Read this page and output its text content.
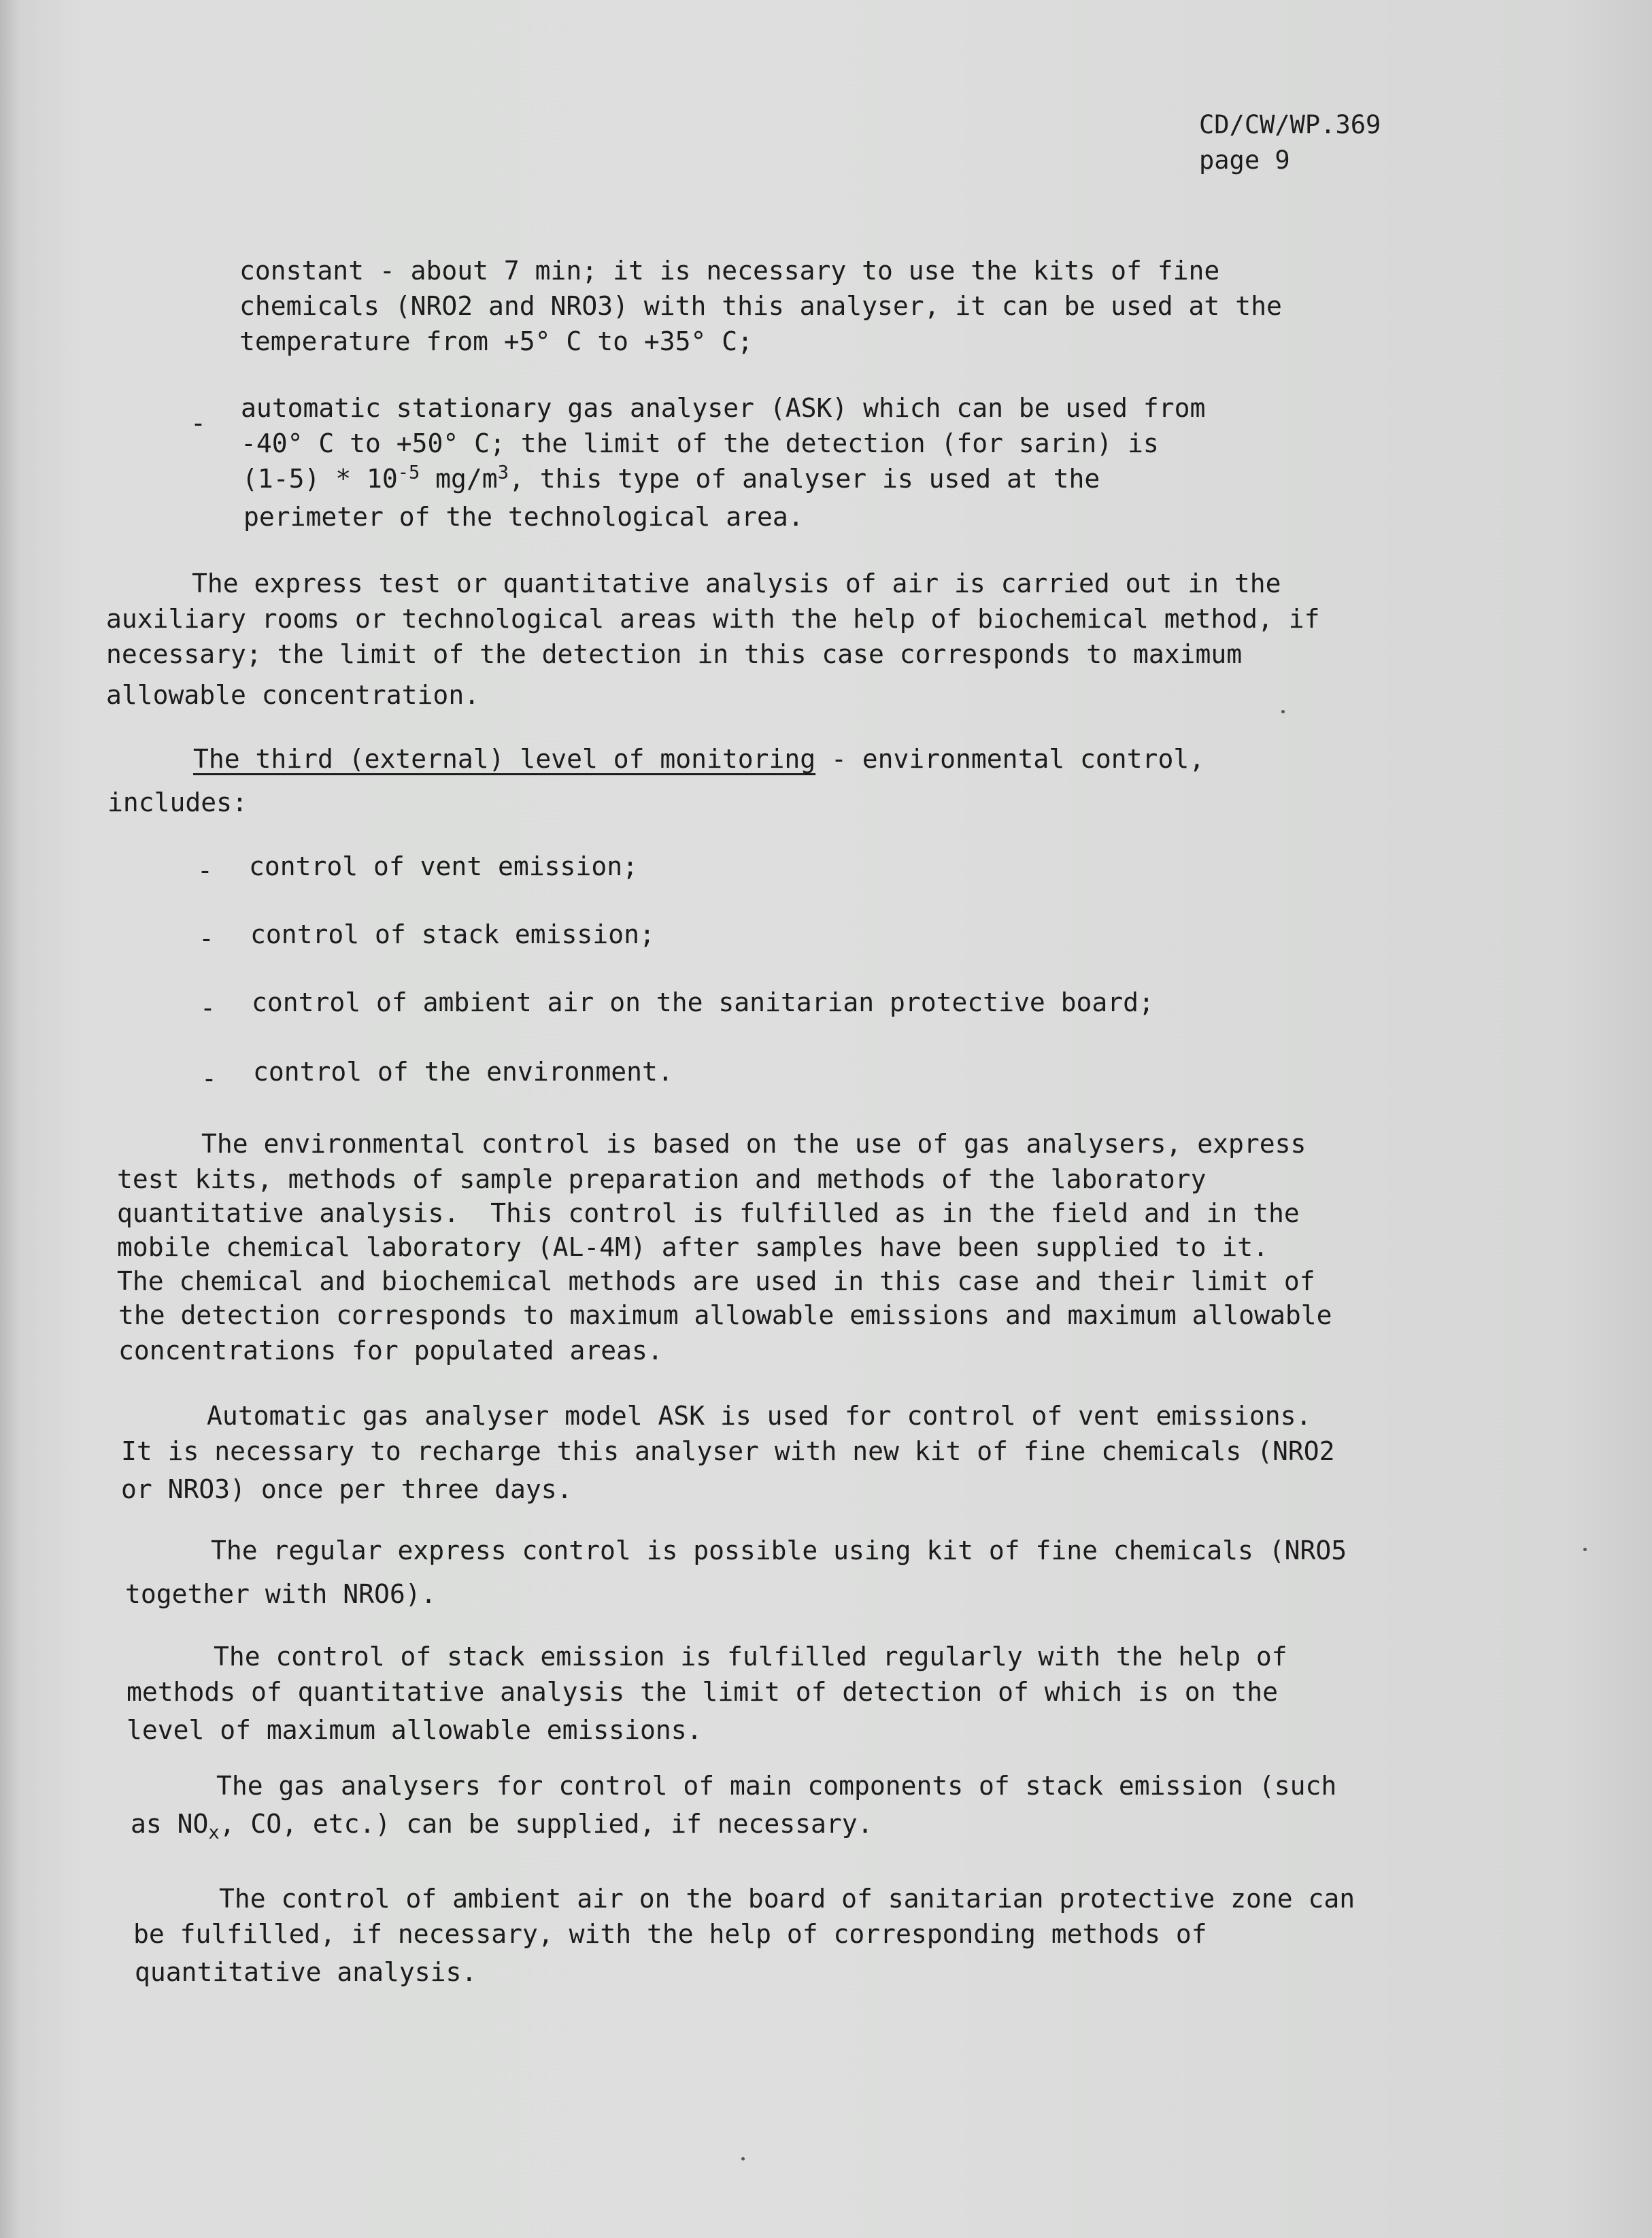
CD/CW/WP.369
page 9
constant - about 7 min; it is necessary to use the kits of fine
chemicals (NRO2 and NRO3) with this analyser, it can be used at the
temperature from +5° C to +35° C;
- automatic stationary gas analyser (ASK) which can be used from
-40° C to +50° C; the limit of the detection (for sarin) is
$(1-5) * 10^{-5}$ $mg/m^3$, this type of analyser is used at the
perimeter of the technological area.
The express test or quantitative analysis of air is carried out in the
auxiliary rooms or technological areas with the help of biochemical method, if
necessary; the limit of the detection in this case corresponds to maximum
allowable concentration.
The third (external) level of monitoring - environmental control,
includes:
- control of vent emission;
- control of stack emission;
- control of ambient air on the sanitarian protective board;
- control of the environment.
The environmental control is based on the use of gas analysers, express
test kits, methods of sample preparation and methods of the laboratory
quantitative analysis.  This control is fulfilled as in the field and in the
mobile chemical laboratory (AL-4M) after samples have been supplied to it.
The chemical and biochemical methods are used in this case and their limit of
the detection corresponds to maximum allowable emissions and maximum allowable
concentrations for populated areas.
Automatic gas analyser model ASK is used for control of vent emissions.
It is necessary to recharge this analyser with new kit of fine chemicals (NRO2
or NRO3) once per three days.
The regular express control is possible using kit of fine chemicals (NRO5
together with NRO6).
The control of stack emission is fulfilled regularly with the help of
methods of quantitative analysis the limit of detection of which is on the
level of maximum allowable emissions.
The gas analysers for control of main components of stack emission (such
as $NO_x$, CO, etc.) can be supplied, if necessary.
The control of ambient air on the board of sanitarian protective zone can
be fulfilled, if necessary, with the help of corresponding methods of
quantitative analysis.
